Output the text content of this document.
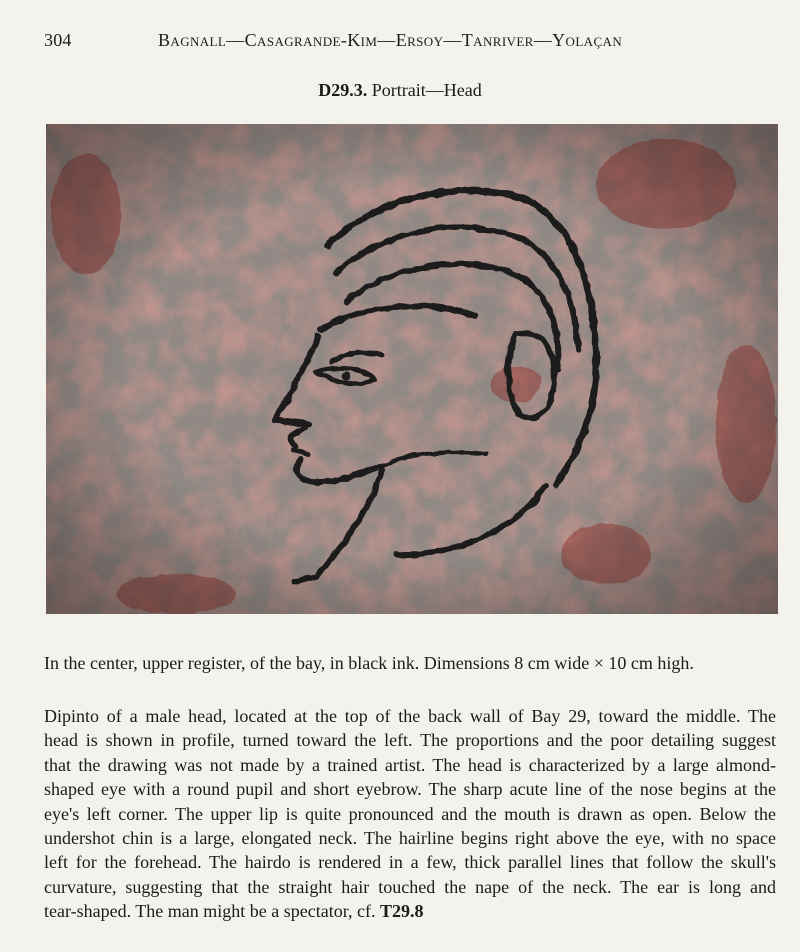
304	Bagnall—Casagrande-Kim—Ersoy—Tanriver—Yolaçan
D29.3. Portrait—Head
In the center, upper register, of the bay, in black ink. Dimensions 8 cm wide × 10 cm high.
Dipinto of a male head, located at the top of the back wall of Bay 29, toward the middle. The
head is shown in profile, turned toward the left. The proportions and the poor detailing suggest
that the drawing was not made by a trained artist. The head is characterized by a large almond-
shaped eye with a round pupil and short eyebrow. The sharp acute line of the nose begins at the
eye's left corner. The upper lip is quite pronounced and the mouth is drawn as open. Below the
undershot chin is a large, elongated neck. The hairline begins right above the eye, with no space
left for the forehead. The hairdo is rendered in a few, thick parallel lines that follow the skull's
curvature, suggesting that the straight hair touched the nape of the neck. The ear is long and
tear-shaped. The man might be a spectator, cf. T29.8
